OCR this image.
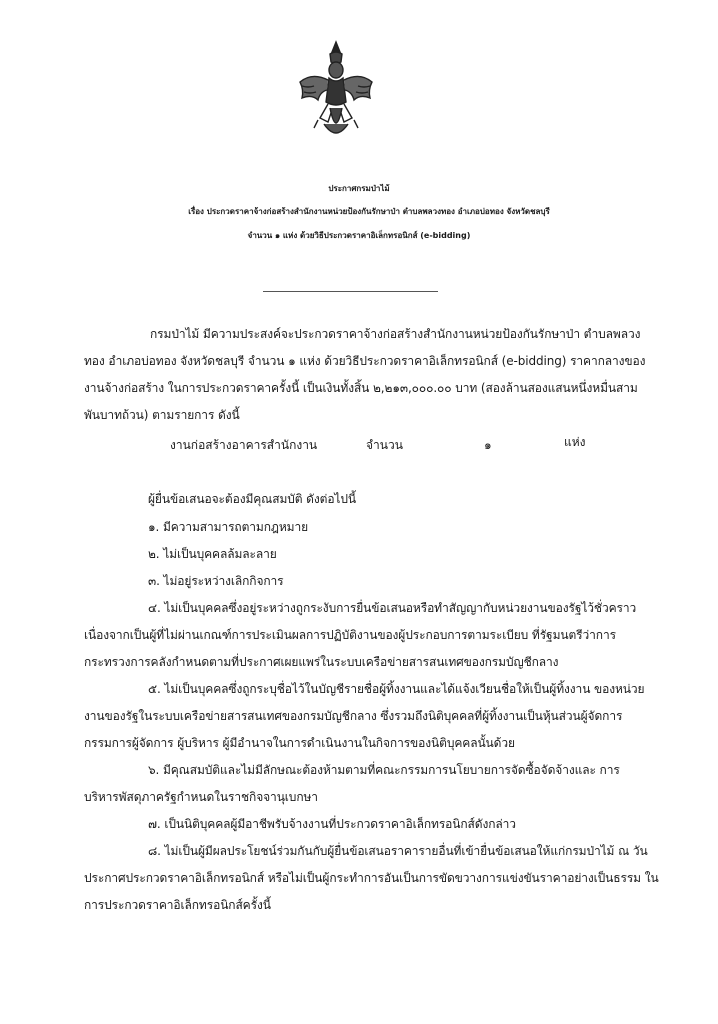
ประกาศกรมป่าไม้
เรื่อง ประกวดราคาจ้างก่อสร้างสำนักงานหน่วยป้องกันรักษาป่า ตำบลพลวงทอง อำเภอบ่อทอง จังหวัดชลบุรี
จำนวน ๑ แห่ง ด้วยวิธีประกวดราคาอิเล็กทรอนิกส์ (e-bidding)
กรมป่าไม้ มีความประสงค์จะประกวดราคาจ้างก่อสร้างสำนักงานหน่วยป้องกันรักษาป่า ตำบลพลวง
ทอง อำเภอบ่อทอง จังหวัดชลบุรี จำนวน ๑ แห่ง ด้วยวิธีประกวดราคาอิเล็กทรอนิกส์ (e-bidding) ราคากลางของ
งานจ้างก่อสร้าง ในการประกวดราคาครั้งนี้ เป็นเงินทั้งสิ้น ๒,๒๑๓,๐๐๐.๐๐ บาท (สองล้านสองแสนหนึ่งหมื่นสาม
พันบาทถ้วน) ตามรายการ ดังนี้
งานก่อสร้างอาคารสำนักงาน	จำนวน	๑	แห่ง
ผู้ยื่นข้อเสนอจะต้องมีคุณสมบัติ ดังต่อไปนี้
๑. มีความสามารถตามกฎหมาย
๒. ไม่เป็นบุคคลล้มละลาย
๓. ไม่อยู่ระหว่างเลิกกิจการ
๔. ไม่เป็นบุคคลซึ่งอยู่ระหว่างถูกระงับการยื่นข้อเสนอหรือทำสัญญากับหน่วยงานของรัฐไว้ชั่วคราว
เนื่องจากเป็นผู้ที่ไม่ผ่านเกณฑ์การประเมินผลการปฏิบัติงานของผู้ประกอบการตามระเบียบ ที่รัฐมนตรีว่าการ
กระทรวงการคลังกำหนดตามที่ประกาศเผยแพร่ในระบบเครือข่ายสารสนเทศของกรมบัญชีกลาง
๕. ไม่เป็นบุคคลซึ่งถูกระบุชื่อไว้ในบัญชีรายชื่อผู้ทิ้งงานและได้แจ้งเวียนชื่อให้เป็นผู้ทิ้งงาน ของหน่วย
งานของรัฐในระบบเครือข่ายสารสนเทศของกรมบัญชีกลาง ซึ่งรวมถึงนิติบุคคลที่ผู้ทิ้งงานเป็นหุ้นส่วนผู้จัดการ
กรรมการผู้จัดการ ผู้บริหาร ผู้มีอำนาจในการดำเนินงานในกิจการของนิติบุคคลนั้นด้วย
๖. มีคุณสมบัติและไม่มีลักษณะต้องห้ามตามที่คณะกรรมการนโยบายการจัดซื้อจัดจ้างและ การ
บริหารพัสดุภาครัฐกำหนดในราชกิจจานุเบกษา
๗. เป็นนิติบุคคลผู้มีอาชีพรับจ้างงานที่ประกวดราคาอิเล็กทรอนิกส์ดังกล่าว
๘. ไม่เป็นผู้มีผลประโยชน์ร่วมกันกับผู้ยื่นข้อเสนอราคารายอื่นที่เข้ายื่นข้อเสนอให้แก่กรมป่าไม้ ณ วัน
ประกาศประกวดราคาอิเล็กทรอนิกส์ หรือไม่เป็นผู้กระทำการอันเป็นการขัดขวางการแข่งขันราคาอย่างเป็นธรรม ใน
การประกวดราคาอิเล็กทรอนิกส์ครั้งนี้
